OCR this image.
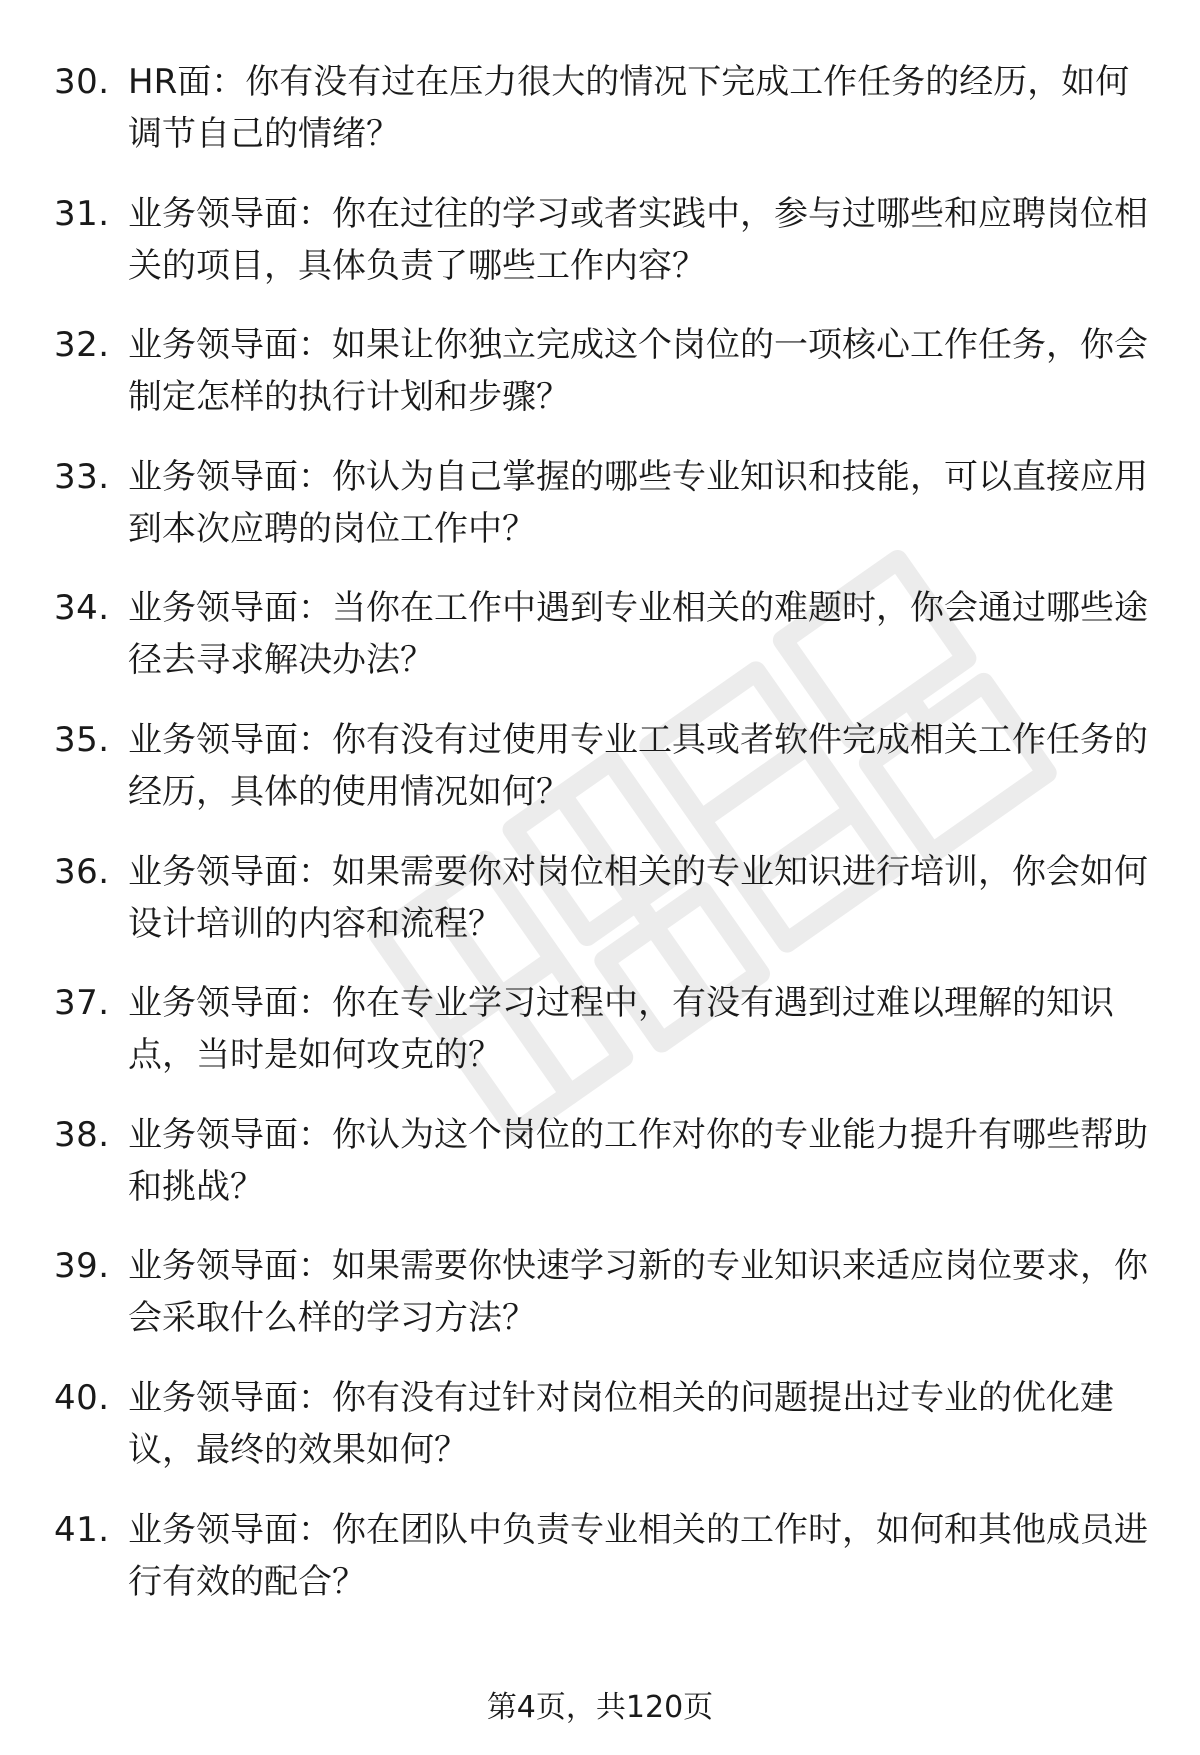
30. HR面：你有没有过在压力很大的情况下完成工作任务的经历，如何调节自己的情绪？
31. 业务领导面：你在过往的学习或者实践中，参与过哪些和应聘岗位相关的项目，具体负责了哪些工作内容？
32. 业务领导面：如果让你独立完成这个岗位的一项核心工作任务，你会制定怎样的执行计划和步骤？
33. 业务领导面：你认为自己掌握的哪些专业知识和技能，可以直接应用到本次应聘的岗位工作中？
34. 业务领导面：当你在工作中遇到专业相关的难题时，你会通过哪些途径去寻求解决办法？
35. 业务领导面：你有没有过使用专业工具或者软件完成相关工作任务的经历，具体的使用情况如何？
36. 业务领导面：如果需要你对岗位相关的专业知识进行培训，你会如何设计培训的内容和流程？
37. 业务领导面：你在专业学习过程中，有没有遇到过难以理解的知识点，当时是如何攻克的？
38. 业务领导面：你认为这个岗位的工作对你的专业能力提升有哪些帮助和挑战？
39. 业务领导面：如果需要你快速学习新的专业知识来适应岗位要求，你会采取什么样的学习方法？
40. 业务领导面：你有没有过针对岗位相关的问题提出过专业的优化建议，最终的效果如何？
41. 业务领导面：你在团队中负责专业相关的工作时，如何和其他成员进行有效的配合？
第4页，共120页
